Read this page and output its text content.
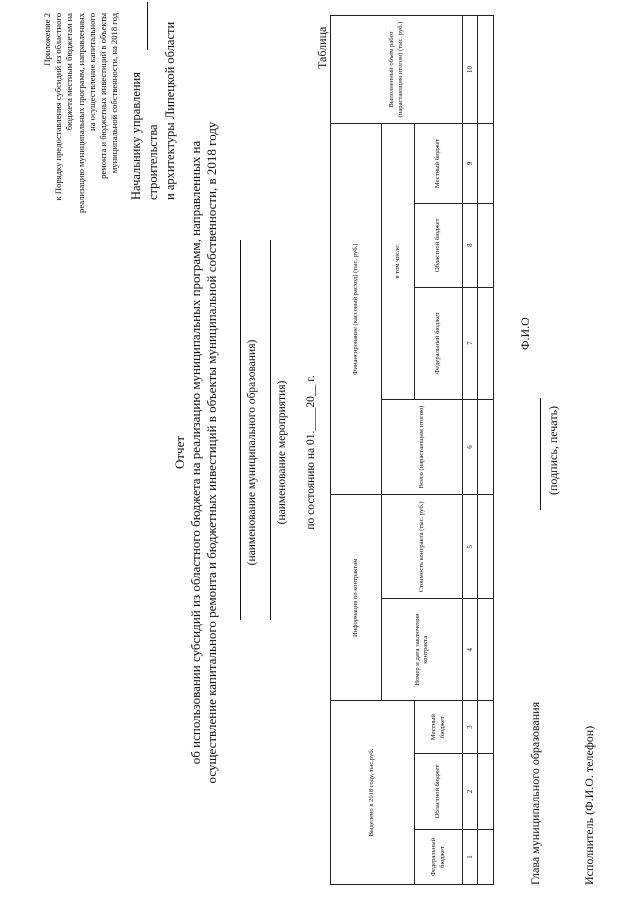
Приложение 2 к Порядку предоставления субсидий из областного бюджета местным бюджетам на реализацию муниципальных программ, направленных на осуществление капитального ремонта и бюджетных инвестиций в объекты муниципальной собственности, на 2018 год Начальнику управления строительства и архитектуры Липецкой области
Отчет об использовании субсидий из областного бюджета на реализацию муниципальных программ, направленных на осуществление капитального ремонта и бюджетных инвестиций в объекты муниципальной собственности, в 2018 году (наименование муниципального образования) (наименование мероприятия) по состоянию на 01.____20__ г.
Таблица
Выделено в 2018 году, тыс.руб.			Информация по контрактам		Финансирование (кассовый расход) (тыс. руб.)				Выполненный объем работ (нарастающим итогом) (тыс. руб.)
			Номер и дата заключения контракта	Стоимость контракта (тыс. руб.)	Всего (нарастающим итогом)	в том числе:			
Федеральный бюджет	Областной бюджет	Местный бюджет				Федеральный бюджет	Областной бюджет	Местный бюджет	
1	2	3	4	5	6	7	8	9	10

Глава муниципального образования
(подпись, печать)
Ф.И.О
Исполнитель (Ф.И.О. телефон)
